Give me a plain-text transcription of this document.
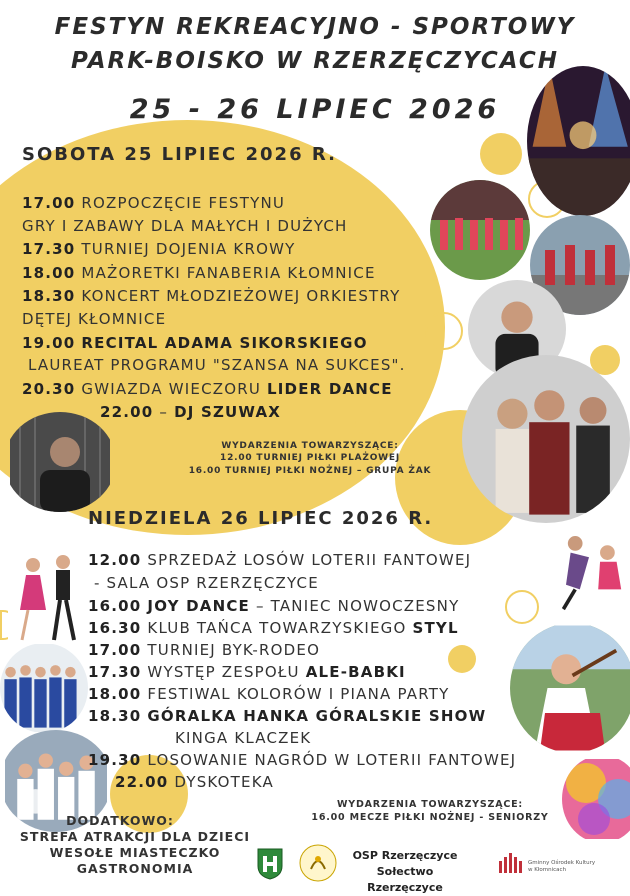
FESTYN REKREACYJNO - SPORTOWY
PARK-BOISKO W RZERZĘCZYCACH
25 - 26 LIPIEC 2026
SOBOTA 25 LIPIEC 2026 R.
17.00 ROZPOCZĘCIE FESTYNU
GRY I ZABAWY DLA MAŁYCH I DUŻYCH
17.30 TURNIEJ DOJENIA KROWY
18.00 MAŻORETKI FANABERIA KŁOMNICE
18.30 KONCERT MŁODZIEŻOWEJ ORKIESTRY
DĘTEJ KŁOMNICE
19.00 RECITAL ADAMA SIKORSKIEGO
LAUREAT PROGRAMU "SZANSA NA SUKCES".
20.30 GWIAZDA WIECZORU LIDER DANCE
22.00 – DJ SZUWAX
WYDARZENIA TOWARZYSZĄCE:
12.00 TURNIEJ PIŁKI PLAŻOWEJ
16.00 TURNIEJ PIŁKI NOŻNEJ – GRUPA ŻAK
NIEDZIELA 26 LIPIEC 2026 R.
12.00 SPRZEDAŻ LOSÓW LOTERII FANTOWEJ
- SALA OSP RZERZĘCZYCE
16.00 JOY DANCE – TANIEC NOWOCZESNY
16.30 KLUB TAŃCA TOWARZYSKIEGO STYL
17.00 TURNIEJ BYK-RODEO
17.30 WYSTĘP ZESPOŁU ALE-BABKI
18.00 FESTIWAL KOLORÓW I PIANA PARTY
18.30 GÓRALKA HANKA GÓRALSKIE SHOW
KINGA KLACZEK
19.30 LOSOWANIE NAGRÓD W LOTERII FANTOWEJ
22.00 DYSKOTEKA
WYDARZENIA TOWARZYSZĄCE:
16.00 MECZE PIŁKI NOŻNEJ - SENIORZY
DODATKOWO:
STREFA ATRAKCJI DLA DZIECI
WESOŁE MIASTECZKO
GASTRONOMIA
OSP Rzerzęczyce
Sołectwo Rzerzęczyce
Gminny Ośrodek Kultury
w Kłomnicach
